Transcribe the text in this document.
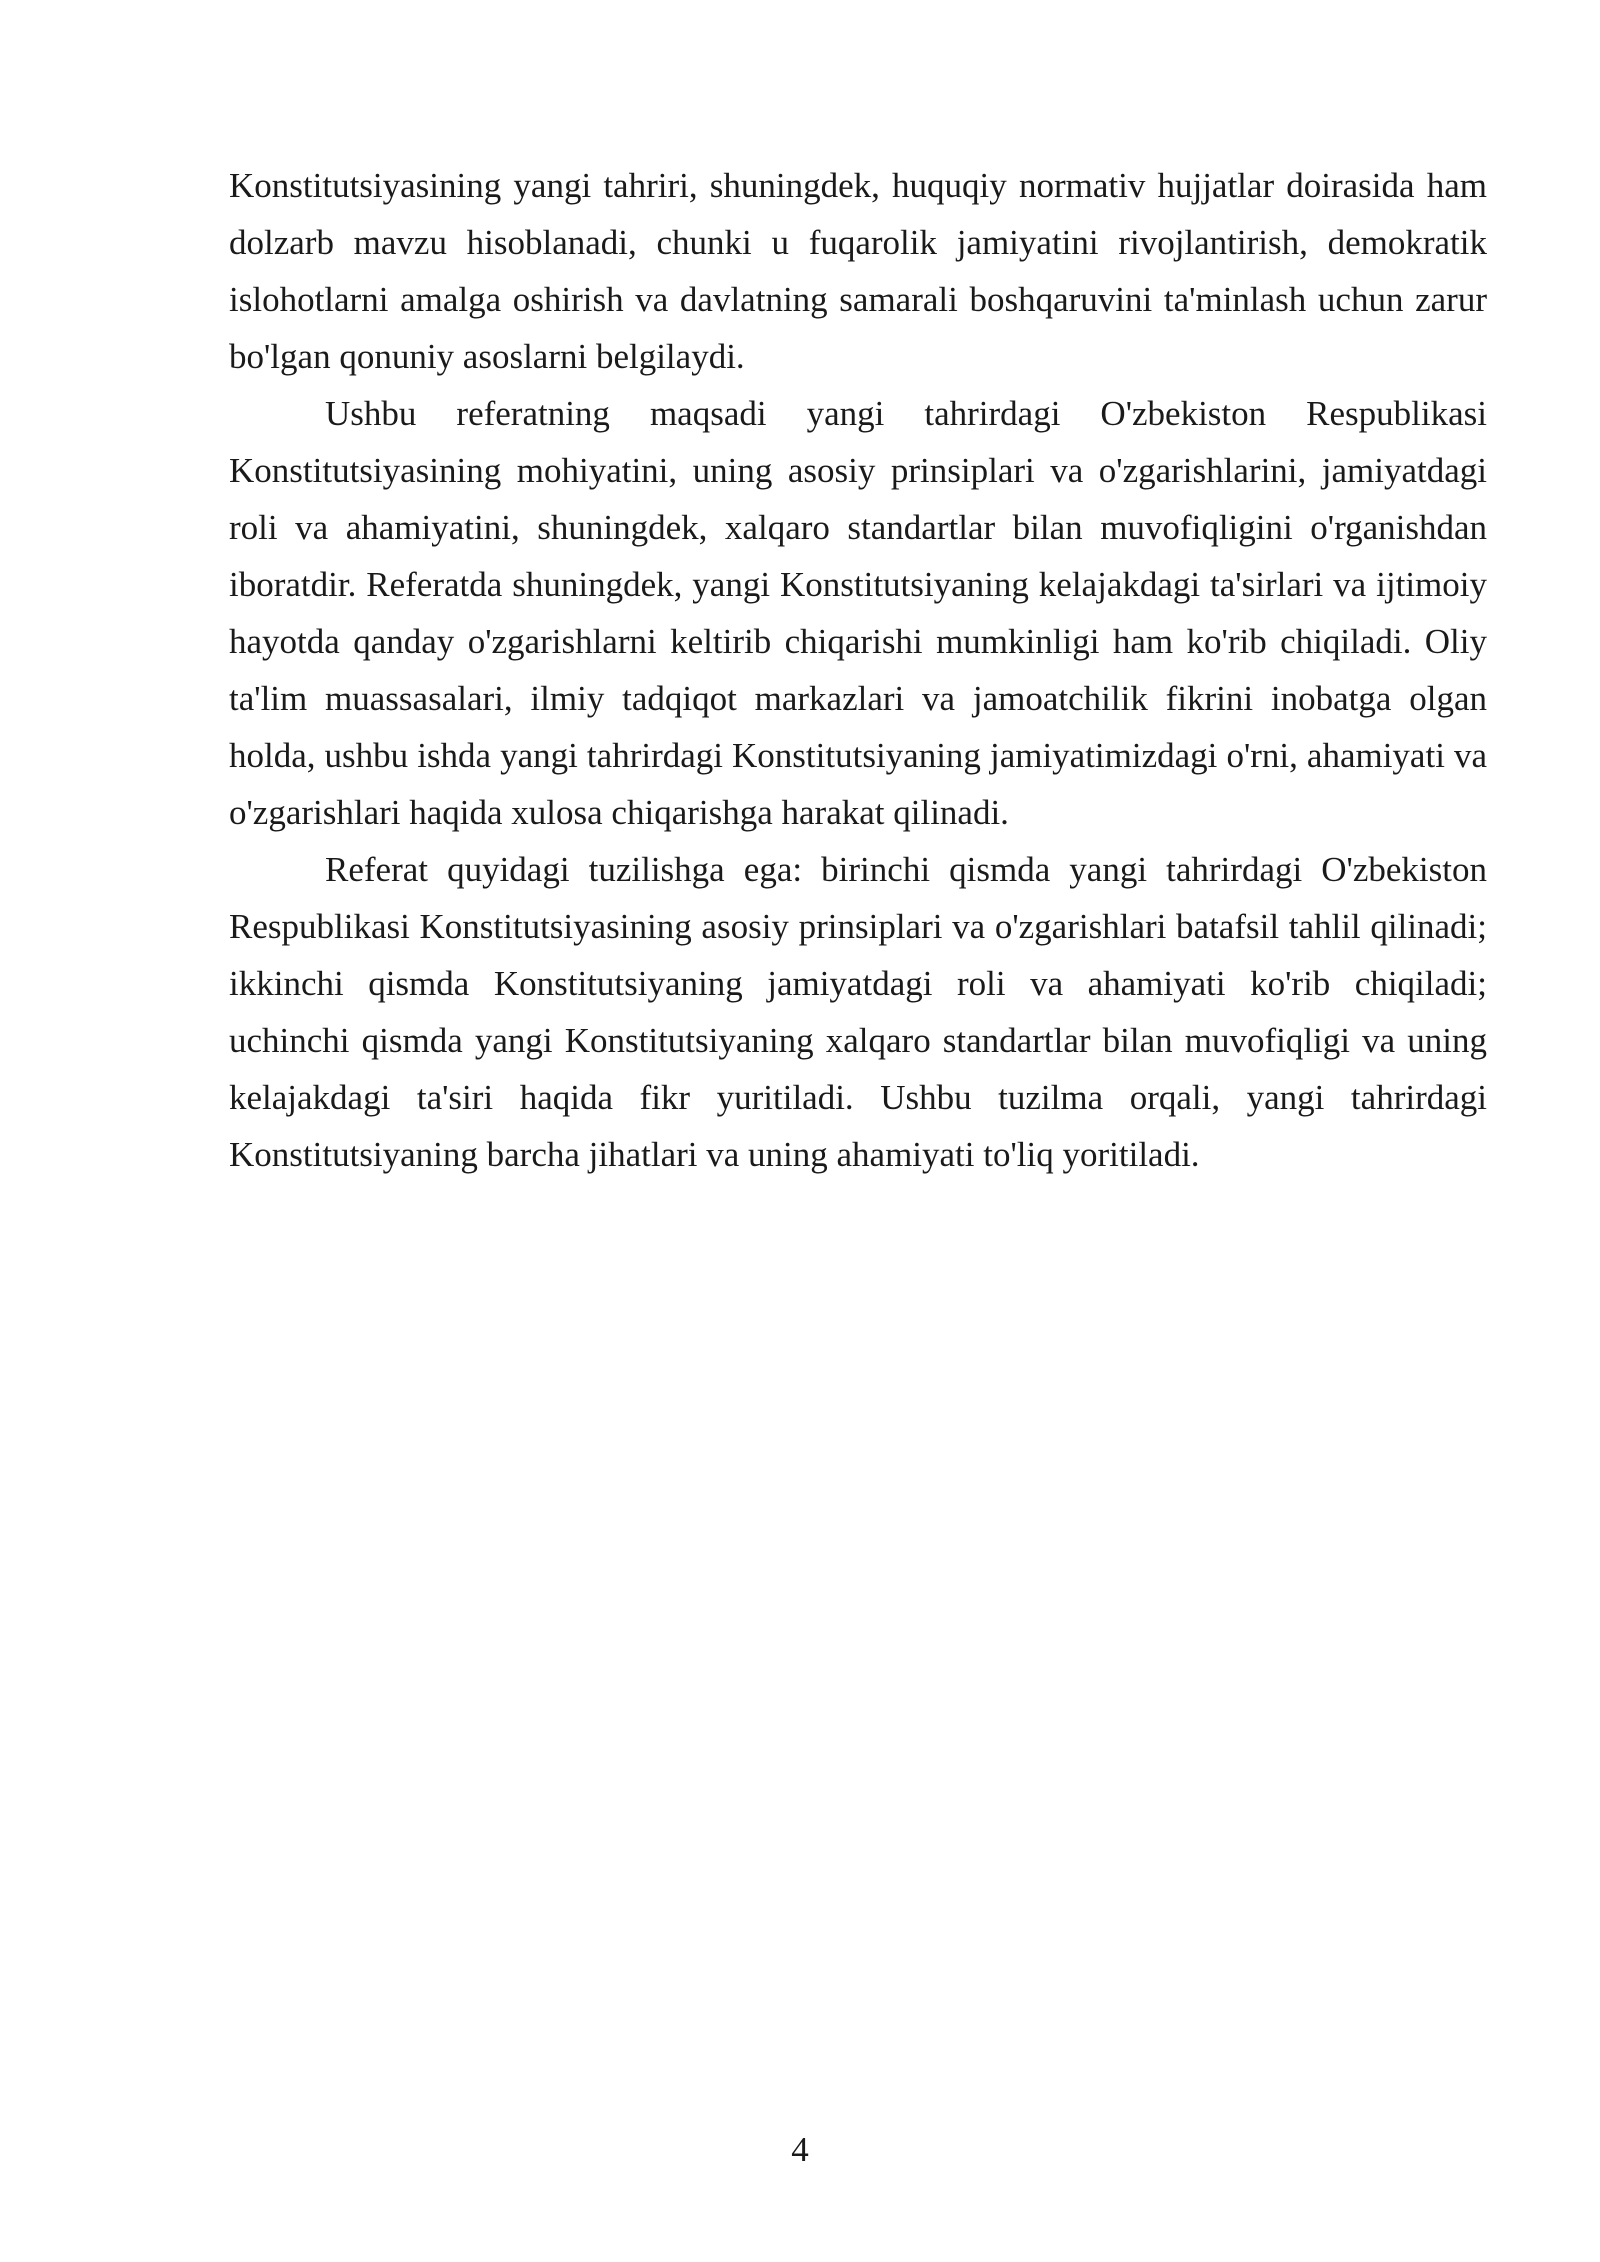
Konstitutsiyasining yangi tahriri, shuningdek, huquqiy normativ hujjatlar doirasida ham dolzarb mavzu hisoblanadi, chunki u fuqarolik jamiyatini rivojlantirish, demokratik islohotlarni amalga oshirish va davlatning samarali boshqaruvini ta'minlash uchun zarur bo'lgan qonuniy asoslarni belgilaydi.

Ushbu referatning maqsadi yangi tahrirdagi O'zbekiston Respublikasi Konstitutsiyasining mohiyatini, uning asosiy prinsiplari va o'zgarishlarini, jamiyatdagi roli va ahamiyatini, shuningdek, xalqaro standartlar bilan muvofiqligini o'rganishdan iboratdir. Referatda shuningdek, yangi Konstitutsiyaning kelajakdagi ta'sirlari va ijtimoiy hayotda qanday o'zgarishlarni keltirib chiqarishi mumkinligi ham ko'rib chiqiladi. Oliy ta'lim muassasalari, ilmiy tadqiqot markazlari va jamoatchilik fikrini inobatga olgan holda, ushbu ishda yangi tahrirdagi Konstitutsiyaning jamiyatimizdagi o'rni, ahamiyati va o'zgarishlari haqida xulosa chiqarishga harakat qilinadi.

Referat quyidagi tuzilishga ega: birinchi qismda yangi tahrirdagi O'zbekiston Respublikasi Konstitutsiyasining asosiy prinsiplari va o'zgarishlari batafsil tahlil qilinadi; ikkinchi qismda Konstitutsiyaning jamiyatdagi roli va ahamiyati ko'rib chiqiladi; uchinchi qismda yangi Konstitutsiyaning xalqaro standartlar bilan muvofiqligi va uning kelajakdagi ta'siri haqida fikr yuritiladi. Ushbu tuzilma orqali, yangi tahrirdagi Konstitutsiyaning barcha jihatlari va uning ahamiyati to'liq yoritiladi.

4
